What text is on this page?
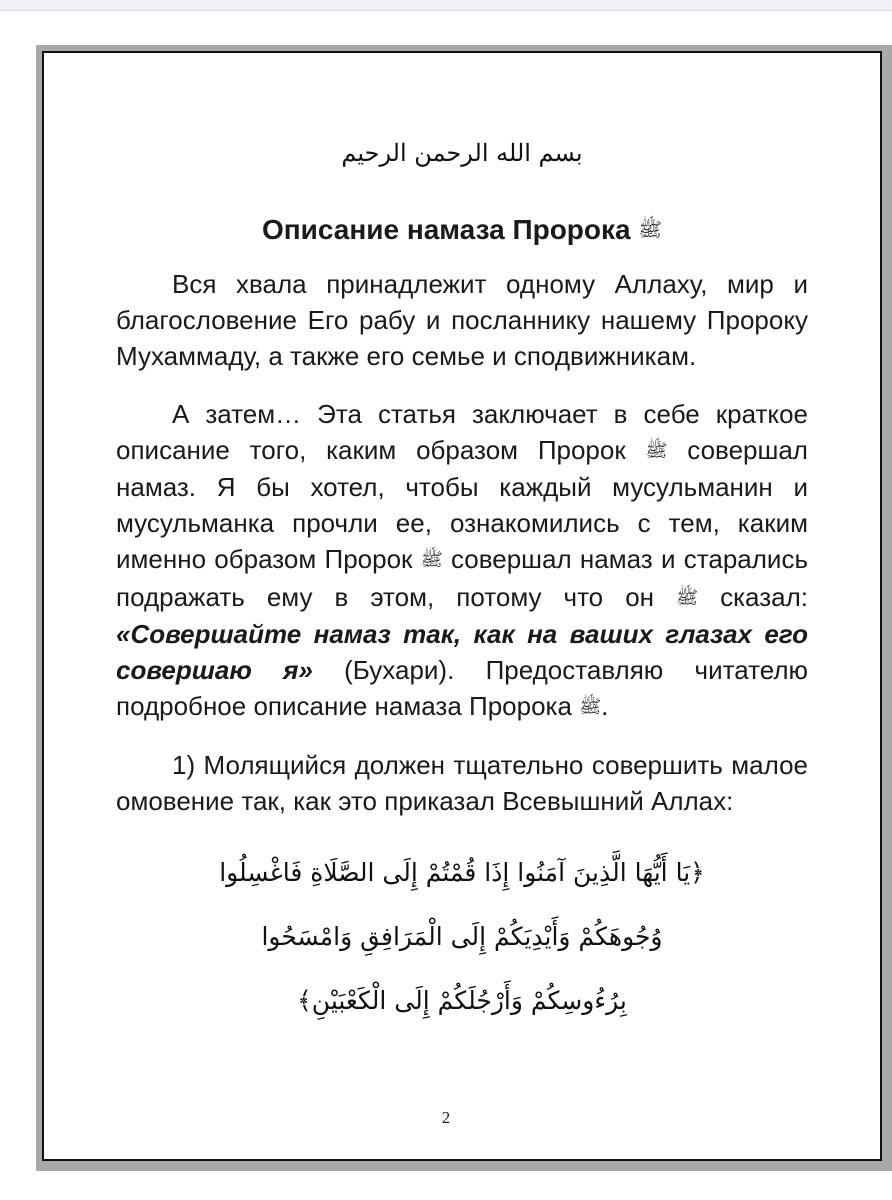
بسم الله الرحمن الرحيم
Описание намаза Пророка ﷺ

Вся хвала принадлежит одному Аллаху, мир и благословение Его рабу и посланнику нашему Пророку Мухаммаду, а также его семье и сподвижникам.

А затем… Эта статья заключает в себе краткое описание того, каким образом Пророк ﷺ совершал намаз. Я бы хотел, чтобы каждый мусульманин и мусульманка прочли ее, ознакомились с тем, каким именно образом Пророк ﷺ совершал намаз и старались подражать ему в этом, потому что он ﷺ сказал: «Совершайте намаз так, как на ваших глазах его совершаю я» (Бухари). Предоставляю читателю подробное описание намаза Пророка ﷺ.

1) Молящийся должен тщательно совершить малое омовение так, как это приказал Всевышний Аллах:

﴿يَا أَيُّهَا الَّذِينَ آمَنُوا إِذَا قُمْتُمْ إِلَى الصَّلَاةِ فَاغْسِلُوا
وُجُوهَكُمْ وَأَيْدِيَكُمْ إِلَى الْمَرَافِقِ وَامْسَحُوا
بِرُءُوسِكُمْ وَأَرْجُلَكُمْ إِلَى الْكَعْبَيْنِ﴾
2
